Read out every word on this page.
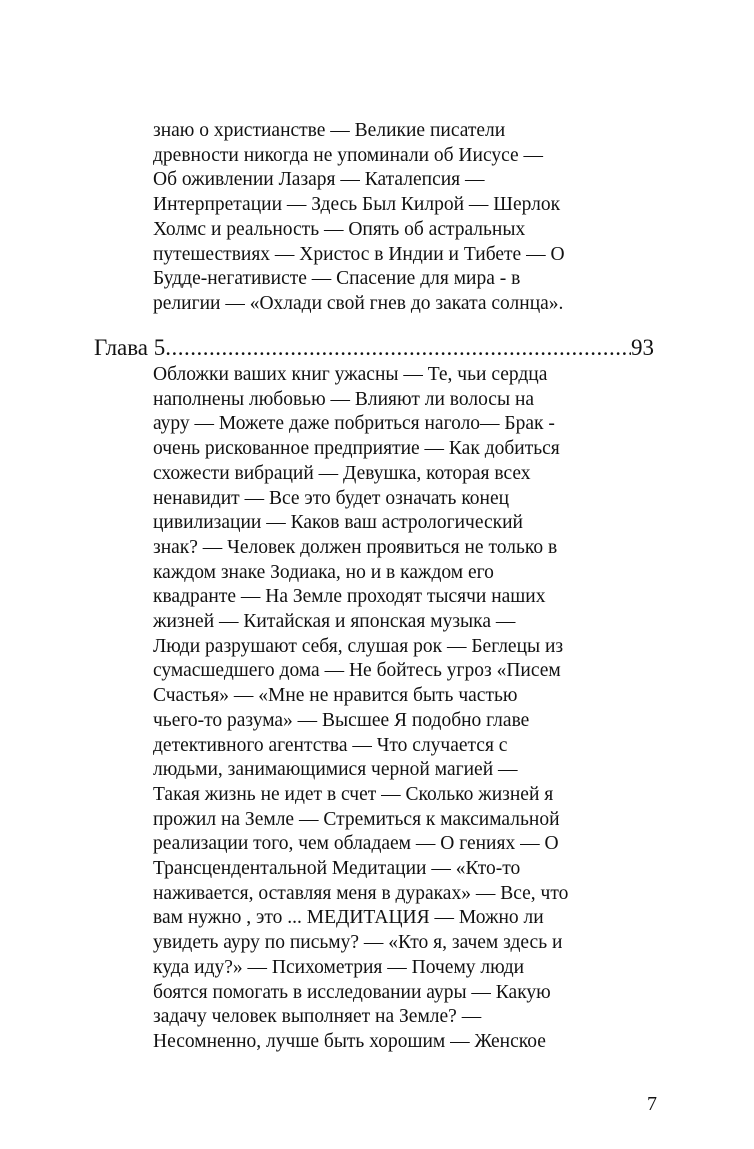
знаю о христианстве — Великие писатели
древности никогда не упоминали об Иисусе —
Об оживлении Лазаря — Каталепсия —
Интерпретации — Здесь Был Килрой — Шерлок
Холмс и реальность — Опять об астральных
путешествиях — Христос в Индии и Тибете — О
Будде-негативисте — Спасение для мира - в
религии — «Охлади свой гнев до заката солнца».
Глава 5
.....	93
Обложки ваших книг ужасны — Те, чьи сердца
наполнены любовью — Влияют ли волосы на
ауру — Можете даже побриться наголо— Брак -
очень рискованное предприятие — Как добиться
схожести вибраций — Девушка, которая всех
ненавидит — Все это будет означать конец
цивилизации — Каков ваш астрологический
знак? — Человек должен проявиться не только в
каждом знаке Зодиака, но и в каждом его
квадранте — На Земле проходят тысячи наших
жизней — Китайская и японская музыка —
Люди разрушают себя, слушая рок — Беглецы из
сумасшедшего дома — Не бойтесь угроз «Писем
Счастья» — «Мне не нравится быть частью
чьего-то разума» — Высшее Я подобно главе
детективного агентства — Что случается с
людьми, занимающимися черной магией —
Такая жизнь не идет в счет — Сколько жизней я
прожил на Земле — Стремиться к максимальной
реализации того, чем обладаем — О гениях — О
Трансцендентальной Медитации — «Кто-то
наживается, оставляя меня в дураках» — Все, что
вам нужно , это ... МЕДИТАЦИЯ — Можно ли
увидеть ауру по письму? — «Кто я, зачем здесь и
куда иду?» — Психометрия — Почему люди
боятся помогать в исследовании ауры — Какую
задачу человек выполняет на Земле? —
Несомненно, лучше быть хорошим — Женское
7
